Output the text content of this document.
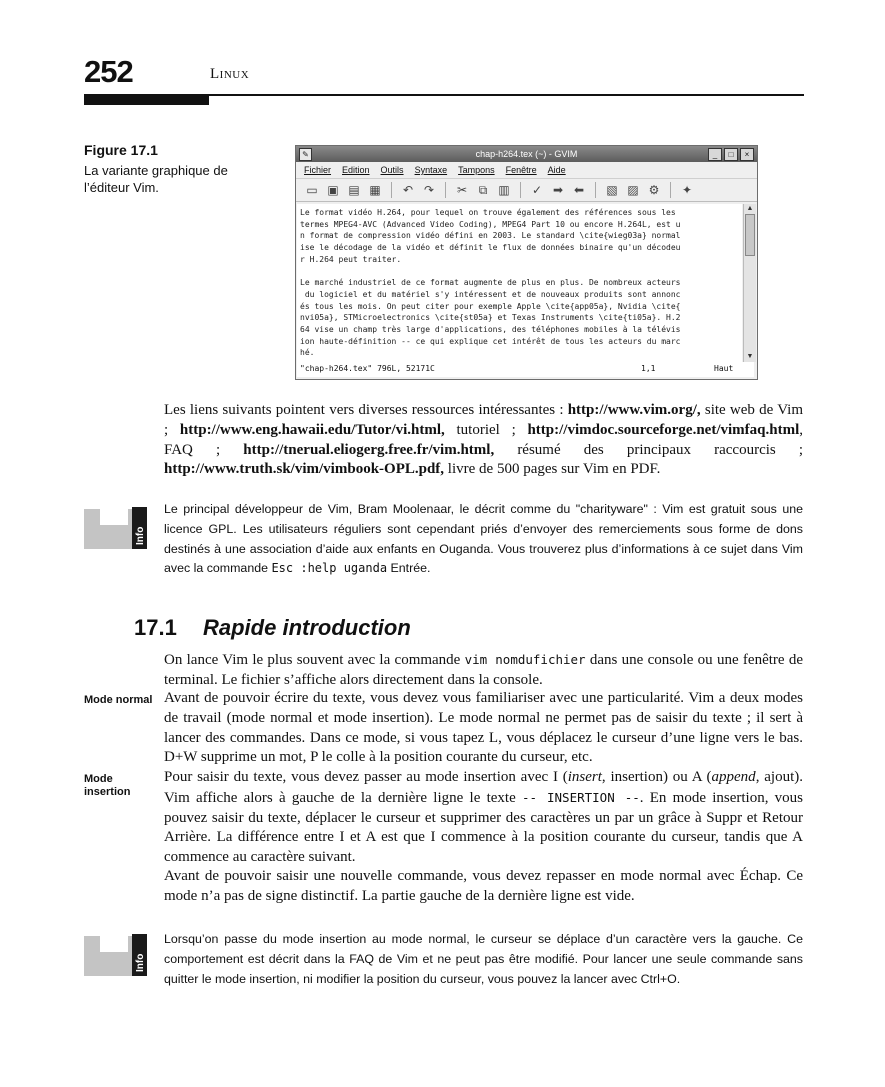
252	Linux
Figure 17.1
La variante graphique de l’éditeur Vim.
✎	chap-h264.tex (~) - GVIM	_	□	×
Fichier Edition Outils Syntaxe Tampons Fenêtre Aide
▭ ▣ ▤ ▦ ↶ ↷ ✂ ⧉ ▥ ✓ ➡ ⬅ ▧ ▨ ⚙ ✦
Le format vidéo H.264, pour lequel on trouve également des références sous les
termes MPEG4-AVC (Advanced Video Coding), MPEG4 Part 10 ou encore H.264L, est u
n format de compression vidéo défini en 2003. Le standard \cite{wieg03a} normal
ise le décodage de la vidéo et définit le flux de données binaire qu'un décodeu
r H.264 peut traiter.

Le marché industriel de ce format augmente de plus en plus. De nombreux acteurs
du logiciel et du matériel s'y intéressent et de nouveaux produits sont annonc
és tous les mois. On peut citer pour exemple Apple \cite{app05a}, Nvidia \cite{
nvi05a}, STMicroelectronics \cite{st05a} et Texas Instruments \cite{ti05a}. H.2
64 vise un champ très large d'applications, des téléphones mobiles à la télévis
ion haute-définition -- ce qui explique cet intérêt de tous les acteurs du marc
hé.
▲
▼
"chap-h264.tex" 796L, 52171C	1,1	Haut
Les liens suivants pointent vers diverses ressources intéressantes : http://www.vim.org/, site web de Vim ; http://www.eng.hawaii.edu/Tutor/vi.html, tutoriel ; http://vimdoc.sourceforge.net/vimfaq.html, FAQ ; http://tnerual.eliogerg.free.fr/vim.html, résumé des principaux raccourcis ; http://www.truth.sk/vim/vimbook-OPL.pdf, livre de 500 pages sur Vim en PDF.
Info
Le principal développeur de Vim, Bram Moolenaar, le décrit comme du "charityware" : Vim est gratuit sous une licence GPL. Les utilisateurs réguliers sont cependant priés d’envoyer des remerciements sous forme de dons destinés à une association d’aide aux enfants en Ouganda. Vous trouverez plus d’informations à ce sujet dans Vim avec la commande Esc :help uganda Entrée.
17.1 Rapide introduction
On lance Vim le plus souvent avec la commande vim nomdufichier dans une console ou une fenêtre de terminal. Le fichier s’affiche alors directement dans la console.
Mode normal Avant de pouvoir écrire du texte, vous devez vous familiariser avec une particularité. Vim a deux modes de travail (mode normal et mode insertion). Le mode normal ne permet pas de saisir du texte ; il sert à lancer des commandes. Dans ce mode, si vous tapez L, vous déplacez le curseur d’une ligne vers le bas. D+W supprime un mot, P le colle à la position courante du curseur, etc.
Mode insertion
Pour saisir du texte, vous devez passer au mode insertion avec I (insert, insertion) ou A (append, ajout). Vim affiche alors à gauche de la dernière ligne le texte -- INSERTION --. En mode insertion, vous pouvez saisir du texte, déplacer le curseur et supprimer des caractères un par un grâce à Suppr et Retour Arrière. La différence entre I et A est que I commence à la position courante du curseur, tandis que A commence au caractère suivant.
Avant de pouvoir saisir une nouvelle commande, vous devez repasser en mode normal avec Échap. Ce mode n’a pas de signe distinctif. La partie gauche de la dernière ligne est vide.
Info
Lorsqu’on passe du mode insertion au mode normal, le curseur se déplace d’un caractère vers la gauche. Ce comportement est décrit dans la FAQ de Vim et ne peut pas être modifié. Pour lancer une seule commande sans quitter le mode insertion, ni modifier la position du curseur, vous pouvez la lancer avec Ctrl+O.
